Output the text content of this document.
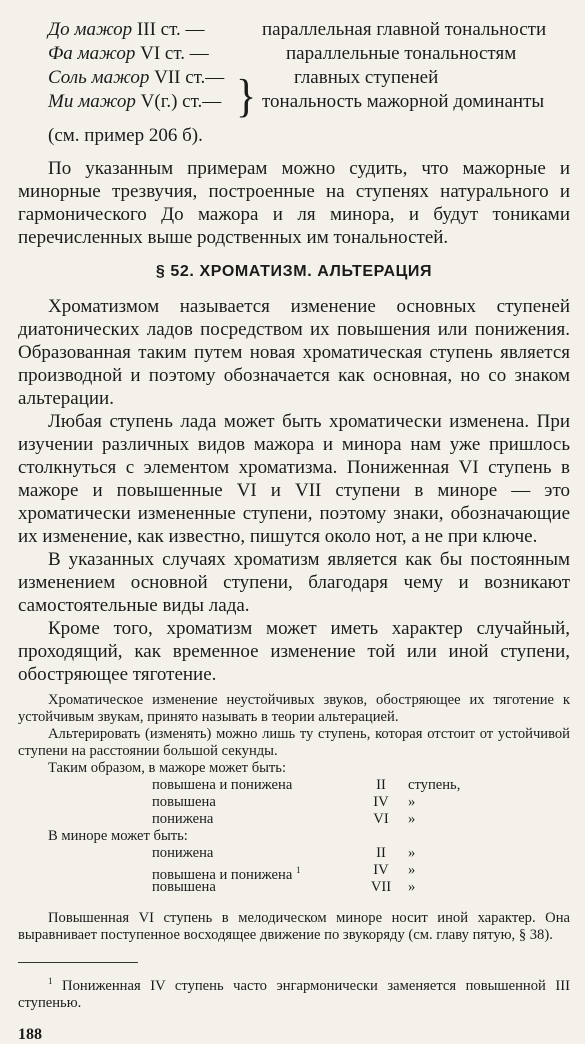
До мажор III ст. —	параллельная главной тональности
Фа мажор VI ст. —	параллельные тональностям
Соль мажор VII ст.—	главных ступеней
Ми мажор V(г.) ст.— тональность мажорной доминанты
}

(см. пример 206 б).

По указанным примерам можно судить, что мажорные и минорные трезвучия, построенные на ступенях натурального и гармонического До мажора и ля минора, и будут тониками перечисленных выше родственных им тональностей.

§ 52. ХРОМАТИЗМ. АЛЬТЕРАЦИЯ

Хроматизмом называется изменение основных ступеней диатонических ладов посредством их повышения или понижения. Образованная таким путем новая хроматическая ступень является производной и поэтому обозначается как основная, но со знаком альтерации.

Любая ступень лада может быть хроматически изменена. При изучении различных видов мажора и минора нам уже пришлось столкнуться с элементом хроматизма. Пониженная VI ступень в мажоре и повышенные VI и VII ступени в миноре — это хроматически измененные ступени, поэтому знаки, обозначающие их изменение, как известно, пишутся около нот, а не при ключе.

В указанных случаях хроматизм является как бы постоянным изменением основной ступени, благодаря чему и возникают самостоятельные виды лада.

Кроме того, хроматизм может иметь характер случайный, проходящий, как временное изменение той или иной ступени, обостряющее тяготение.

Хроматическое изменение неустойчивых звуков, обостряющее их тяготение к устойчивым звукам, принято называть в теории альтерацией.

Альтерировать (изменять) можно лишь ту ступень, которая отстоит от устойчивой ступени на расстоянии большой секунды.

Таким образом, в мажоре может быть:

повышена и понижена	II	ступень,
повышена	IV	»
понижена	VI	»

В миноре может быть:

понижена	II	»
повышена и понижена $^1$	IV	»
повышена	VII	»

Повышенная VI ступень в мелодическом миноре носит иной характер. Она выравнивает поступенное восходящее движение по звукоряду (см. главу пятую, § 38).

$^1$ Пониженная IV ступень часто энгармонически заменяется повышенной III ступенью.

188
